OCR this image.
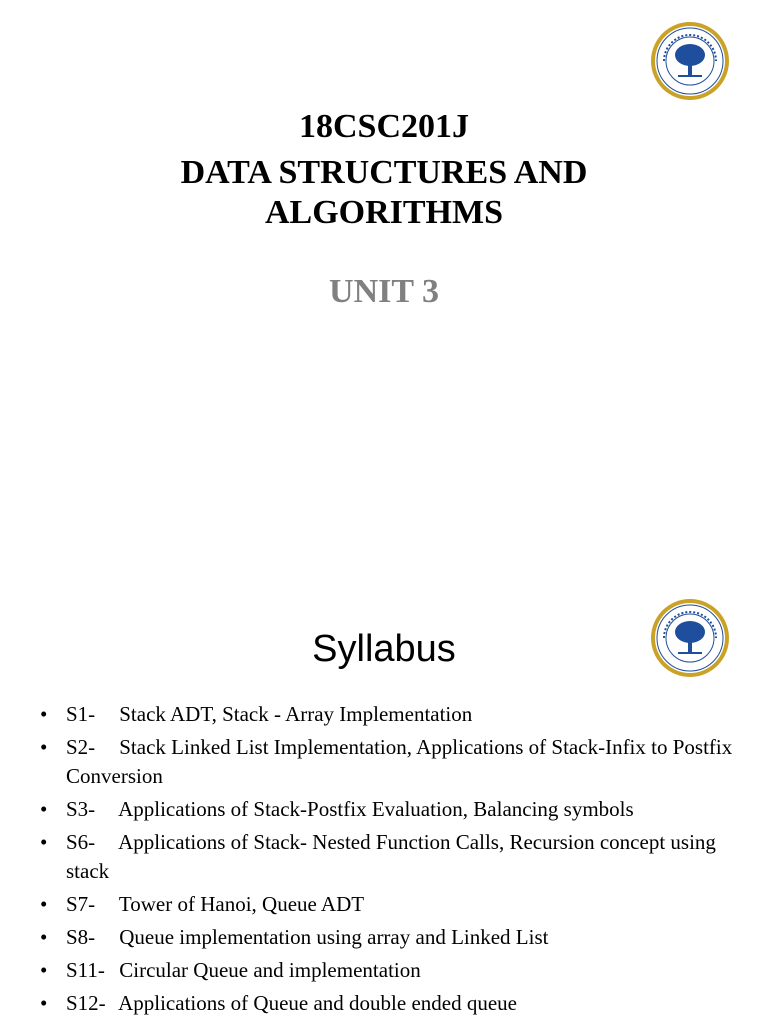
18CSC201J
DATA STRUCTURES AND
ALGORITHMS
UNIT 3
Syllabus
• S1- Stack ADT, Stack - Array Implementation
• S2- Stack Linked List Implementation, Applications of Stack-Infix to Postfix Conversion
• S3- Applications of Stack-Postfix Evaluation, Balancing symbols
• S6- Applications of Stack- Nested Function Calls, Recursion concept using stack
• S7- Tower of Hanoi, Queue ADT
• S8- Queue implementation using array and Linked List
• S11- Circular Queue and implementation
• S12- Applications of Queue and double ended queue
